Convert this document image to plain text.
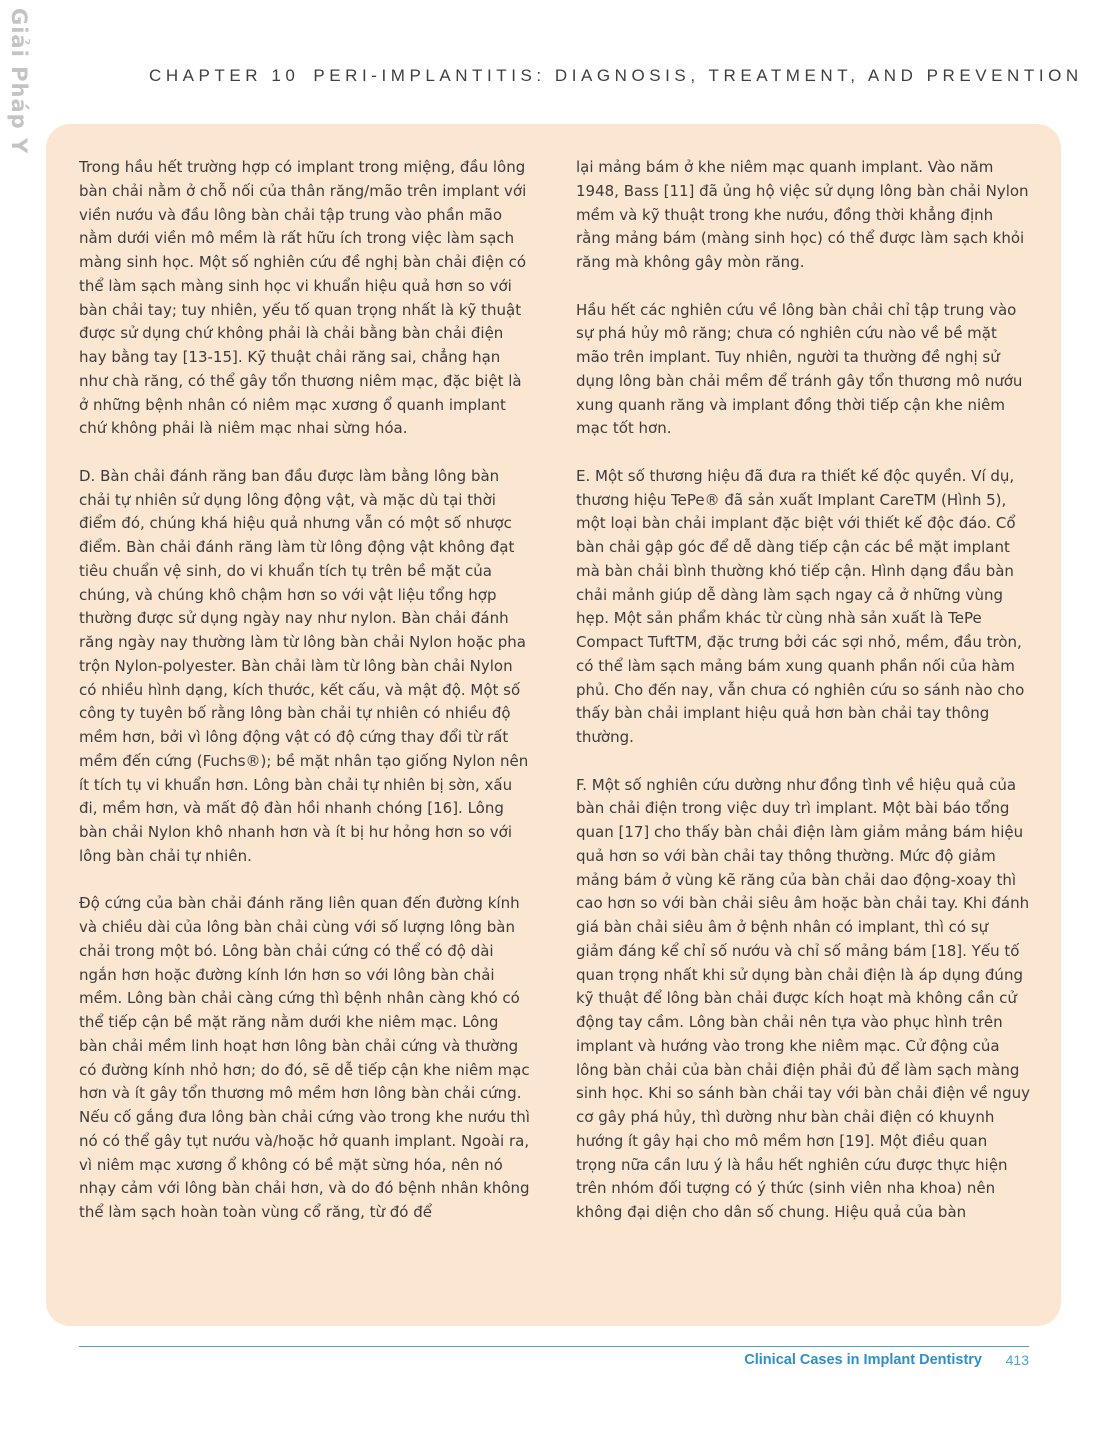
Giải Pháp Y
CHAPTER 10 PERI-IMPLANTITIS: DIAGNOSIS, TREATMENT, AND PREVENTION

Trong hầu hết trường hợp có implant trong miệng, đầu lông bàn chải nằm ở chỗ nối của thân răng/mão trên implant với viền nướu và đầu lông bàn chải tập trung vào phần mão nằm dưới viền mô mềm là rất hữu ích trong việc làm sạch màng sinh học. Một số nghiên cứu đề nghị bàn chải điện có thể làm sạch màng sinh học vi khuẩn hiệu quả hơn so với bàn chải tay; tuy nhiên, yếu tố quan trọng nhất là kỹ thuật được sử dụng chứ không phải là chải bằng bàn chải điện hay bằng tay [13-15]. Kỹ thuật chải răng sai, chẳng hạn như chà răng, có thể gây tổn thương niêm mạc, đặc biệt là ở những bệnh nhân có niêm mạc xương ổ quanh implant chứ không phải là niêm mạc nhai sừng hóa.

D. Bàn chải đánh răng ban đầu được làm bằng lông bàn chải tự nhiên sử dụng lông động vật, và mặc dù tại thời điểm đó, chúng khá hiệu quả nhưng vẫn có một số nhược điểm. Bàn chải đánh răng làm từ lông động vật không đạt tiêu chuẩn vệ sinh, do vi khuẩn tích tụ trên bề mặt của chúng, và chúng khô chậm hơn so với vật liệu tổng hợp thường được sử dụng ngày nay như nylon. Bàn chải đánh răng ngày nay thường làm từ lông bàn chải Nylon hoặc pha trộn Nylon-polyester. Bàn chải làm từ lông bàn chải Nylon có nhiều hình dạng, kích thước, kết cấu, và mật độ. Một số công ty tuyên bố rằng lông bàn chải tự nhiên có nhiều độ mềm hơn, bởi vì lông động vật có độ cứng thay đổi từ rất mềm đến cứng (Fuchs®); bề mặt nhân tạo giống Nylon nên ít tích tụ vi khuẩn hơn. Lông bàn chải tự nhiên bị sờn, xấu đi, mềm hơn, và mất độ đàn hồi nhanh chóng [16]. Lông bàn chải Nylon khô nhanh hơn và ít bị hư hỏng hơn so với lông bàn chải tự nhiên.

Độ cứng của bàn chải đánh răng liên quan đến đường kính và chiều dài của lông bàn chải cùng với số lượng lông bàn chải trong một bó. Lông bàn chải cứng có thể có độ dài ngắn hơn hoặc đường kính lớn hơn so với lông bàn chải mềm. Lông bàn chải càng cứng thì bệnh nhân càng khó có thể tiếp cận bề mặt răng nằm dưới khe niêm mạc. Lông bàn chải mềm linh hoạt hơn lông bàn chải cứng và thường có đường kính nhỏ hơn; do đó, sẽ dễ tiếp cận khe niêm mạc hơn và ít gây tổn thương mô mềm hơn lông bàn chải cứng. Nếu cố gắng đưa lông bàn chải cứng vào trong khe nướu thì nó có thể gây tụt nướu và/hoặc hở quanh implant. Ngoài ra, vì niêm mạc xương ổ không có bề mặt sừng hóa, nên nó nhạy cảm với lông bàn chải hơn, và do đó bệnh nhân không thể làm sạch hoàn toàn vùng cổ răng, từ đó để

lại mảng bám ở khe niêm mạc quanh implant. Vào năm 1948, Bass [11] đã ủng hộ việc sử dụng lông bàn chải Nylon mềm và kỹ thuật trong khe nướu, đồng thời khẳng định rằng mảng bám (màng sinh học) có thể được làm sạch khỏi răng mà không gây mòn răng.

Hầu hết các nghiên cứu về lông bàn chải chỉ tập trung vào sự phá hủy mô răng; chưa có nghiên cứu nào về bề mặt mão trên implant. Tuy nhiên, người ta thường đề nghị sử dụng lông bàn chải mềm để tránh gây tổn thương mô nướu xung quanh răng và implant đồng thời tiếp cận khe niêm mạc tốt hơn.

E. Một số thương hiệu đã đưa ra thiết kế độc quyền. Ví dụ, thương hiệu TePe® đã sản xuất Implant CareTM (Hình 5), một loại bàn chải implant đặc biệt với thiết kế độc đáo. Cổ bàn chải gập góc để dễ dàng tiếp cận các bề mặt implant mà bàn chải bình thường khó tiếp cận. Hình dạng đầu bàn chải mảnh giúp dễ dàng làm sạch ngay cả ở những vùng hẹp. Một sản phẩm khác từ cùng nhà sản xuất là TePe Compact TuftTM, đặc trưng bởi các sợi nhỏ, mềm, đầu tròn, có thể làm sạch mảng bám xung quanh phần nối của hàm phủ. Cho đến nay, vẫn chưa có nghiên cứu so sánh nào cho thấy bàn chải implant hiệu quả hơn bàn chải tay thông thường.

F. Một số nghiên cứu dường như đồng tình về hiệu quả của bàn chải điện trong việc duy trì implant. Một bài báo tổng quan [17] cho thấy bàn chải điện làm giảm mảng bám hiệu quả hơn so với bàn chải tay thông thường. Mức độ giảm mảng bám ở vùng kẽ răng của bàn chải dao động-xoay thì cao hơn so với bàn chải siêu âm hoặc bàn chải tay. Khi đánh giá bàn chải siêu âm ở bệnh nhân có implant, thì có sự giảm đáng kể chỉ số nướu và chỉ số mảng bám [18]. Yếu tố quan trọng nhất khi sử dụng bàn chải điện là áp dụng đúng kỹ thuật để lông bàn chải được kích hoạt mà không cần cử động tay cầm. Lông bàn chải nên tựa vào phục hình trên implant và hướng vào trong khe niêm mạc. Cử động của lông bàn chải của bàn chải điện phải đủ để làm sạch màng sinh học. Khi so sánh bàn chải tay với bàn chải điện về nguy cơ gây phá hủy, thì dường như bàn chải điện có khuynh hướng ít gây hại cho mô mềm hơn [19]. Một điều quan trọng nữa cần lưu ý là hầu hết nghiên cứu được thực hiện trên nhóm đối tượng có ý thức (sinh viên nha khoa) nên không đại diện cho dân số chung. Hiệu quả của bàn

Clinical Cases in Implant Dentistry 413
